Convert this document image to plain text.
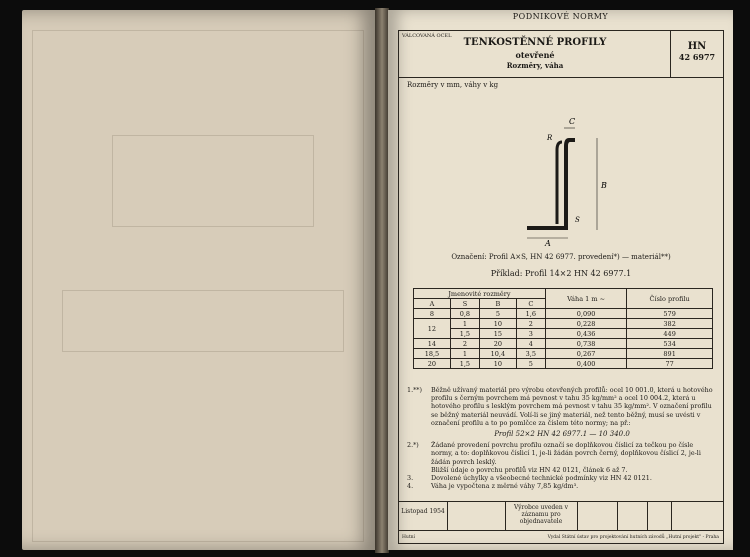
PODNIKOVÉ NORMY
VÁLCOVANÁ OCEL
TENKOSTĚNNÉ PROFILY
otevřené
Rozměry, váha
HN
42 6977
Rozměry v mm, váhy v kg
C
R
B
S
A
Označení: Profil A×S, HN 42 6977. provedení*) — materiál**)
Příklad: Profil 14×2 HN 42 6977.1
Jmenovité rozměry				Váha 1 m ~	Číslo profilu
A	S	B	C		
8	0,8	5	1,6	0,090	579
12	1	10	2	0,228	382
	1,5	15	3	0,436	449
14	2	20	4	0,738	534
18,5	1	10,4	3,5	0,267	891
20	1,5	10	5	0,400	77
1.**) Běžně užívaný materiál pro výrobu otevřených profilů: ocel 10 001.0, která u hotového profilu s černým povrchem má pevnost v tahu 35 kg/mm² a ocel 10 004.2, která u hotového profilu s lesklým povrchem má pevnost v tahu 35 kg/mm². V označení profilu se běžný materiál neuvádí. Volí-li se jiný materiál, než tento běžný, musí se uvésti v označení profilu a to po pomlčce za číslem této normy; na př.:
Profil 52×2 HN 42 6977.1 — 10 340.0
2.*) Žádané provedení povrchu profilu označí se doplňkovou číslicí za tečkou po čísle normy, a to: doplňkovou číslicí 1, je-li žádán povrch černý, doplňkovou číslicí 2, je-li žádán povrch lesklý.
Bližší údaje o povrchu profilů viz HN 42 0121, článek 6 až 7.
3.	Dovolené úchylky a všeobecné technické podmínky viz HN 42 0121.
4.	Váha je vypočtena z měrné váhy 7,85 kg/dm³.
Listopad 1954
Výrobce uveden v záznamu pro objednavatele
Hutní	Vydal Státní ústav pro projektování hutních závodů „Hutní projekt" - Praha
